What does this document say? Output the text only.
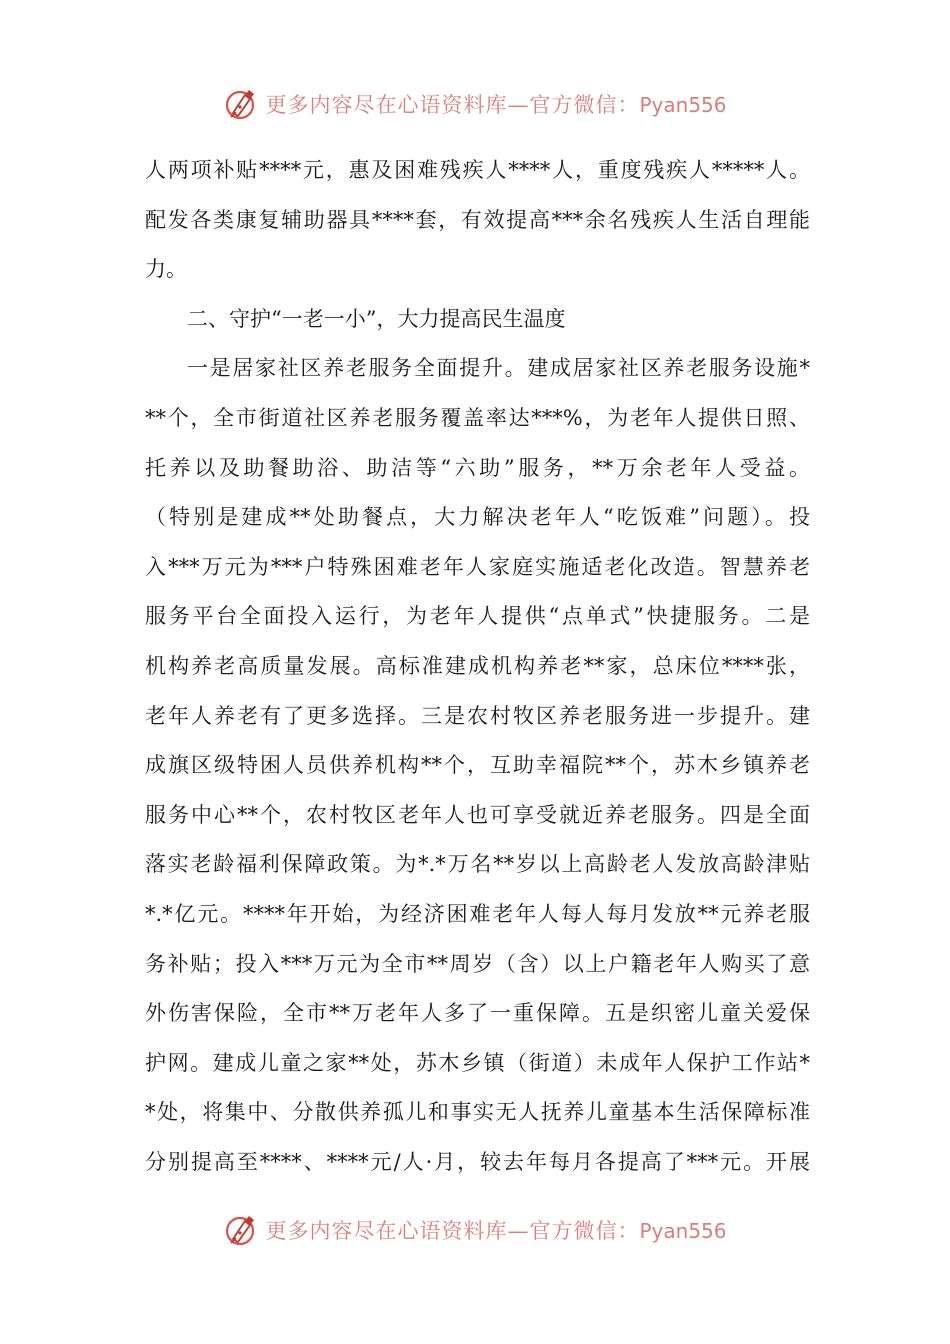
更多内容尽在心语资料库—官方微信：Pyan556
人两项补贴****元，惠及困难残疾人****人，重度残疾人*****人。
配发各类康复辅助器具****套，有效提高***余名残疾人生活自理能
力。
二、守护“一老一小”，大力提高民生温度
一是居家社区养老服务全面提升。建成居家社区养老服务设施*
**个，全市街道社区养老服务覆盖率达***%，为老年人提供日照、
托养以及助餐助浴、助洁等“六助”服务，**万余老年人受益。
（特别是建成**处助餐点，大力解决老年人“吃饭难”问题）。投
入***万元为***户特殊困难老年人家庭实施适老化改造。智慧养老
服务平台全面投入运行，为老年人提供“点单式”快捷服务。二是
机构养老高质量发展。高标准建成机构养老**家，总床位****张，
老年人养老有了更多选择。三是农村牧区养老服务进一步提升。建
成旗区级特困人员供养机构**个，互助幸福院**个，苏木乡镇养老
服务中心**个，农村牧区老年人也可享受就近养老服务。四是全面
落实老龄福利保障政策。为*.*万名**岁以上高龄老人发放高龄津贴
*.*亿元。****年开始，为经济困难老年人每人每月发放**元养老服
务补贴；投入***万元为全市**周岁（含）以上户籍老年人购买了意
外伤害保险，全市**万老年人多了一重保障。五是织密儿童关爱保
护网。建成儿童之家**处，苏木乡镇（街道）未成年人保护工作站*
*处，将集中、分散供养孤儿和事实无人抚养儿童基本生活保障标准
分别提高至****、****元/人·月，较去年每月各提高了***元。开展
更多内容尽在心语资料库—官方微信：Pyan556
